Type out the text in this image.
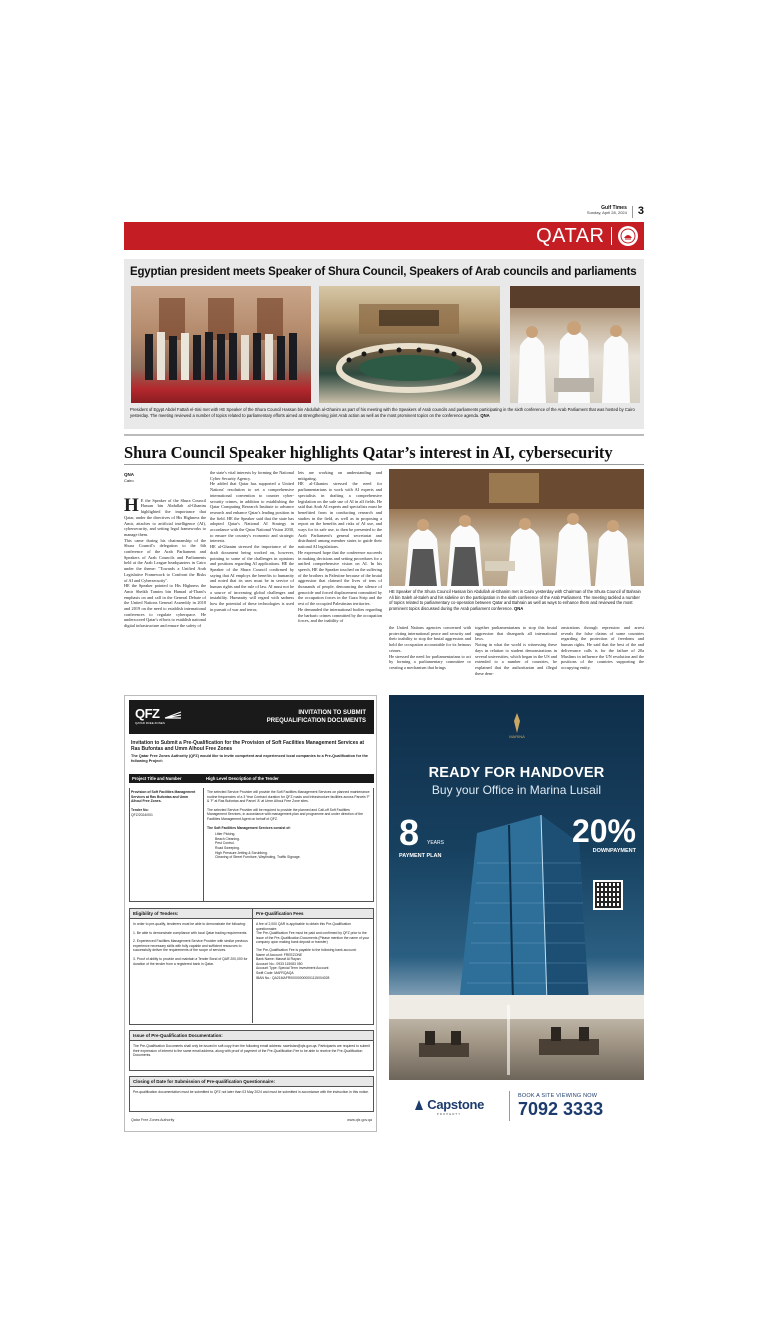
Gulf Times
Sunday, April 28, 2024 3
QATAR
Egyptian president meets Speaker of Shura Council, Speakers of Arab councils and parliaments
President of Egypt Abdel Fattah el-Sisi met with HE Speaker of the Shura Council Hassan bin Abdullah al-Ghanim as part of his meeting with the Speakers of Arab councils and parliaments participating in the sixth conference of the Arab Parliament that was hosted by Cairo yesterday. The meeting reviewed a number of topics related to parliamentary efforts aimed at strengthening joint Arab action as well as the most prominent topics on the conference agenda. QNA
Shura Council Speaker highlights Qatar’s interest in AI, cybersecurity
QNA
Cairo

H E the Speaker of the Shura Council Hassan bin Abdullah al-Ghanim highlighted the importance that Qatar, under the directives of His Highness the Amir, attaches to artificial intelligence (AI), cybersecurity, and setting legal frameworks to manage them.
This came during his chairmanship of the Shura Council's delegation to the 6th conference of the Arab Parliament and Speakers of Arab Councils and Parliaments held at the Arab League headquarters in Cairo under the theme: "Towards a Unified Arab Legislative Framework to Confront the Risks of AI and Cybersecurity".
HE the Speaker pointed to His Highness the Amir Sheikh Tamim bin Hamad al-Thani's emphasis on and call in the General Debate of the United Nations General Assembly in 2018 and 2019 on the need to establish international conferences to regulate cyberspace. He underscored Qatar's efforts to establish national digital infrastructure and ensure the safety of

the state's vital interests by forming the National Cyber Security Agency.
He added that Qatar has supported a United Nations' resolution to set a comprehensive international convention to counter cyber-security crimes, in addition to establishing the Qatar Computing Research Institute to advance research and enhance Qatar's leading position in the field. HE the Speaker said that the state has adopted Qatar's National AI Strategy in accordance with the Qatar National Vision 2030, to ensure the country's economic and strategic interests.
HE al-Ghanim stressed the importance of the draft document being worked on, however, pointing to some of the challenges in opinions and positions regarding AI applications. HE the Speaker of the Shura Council confirmed by saying that AI employs the benefits to humanity and noted that its uses must be in service of human rights and the rule of law. AI must not be a source of increasing global challenges and instability. Humanity will regard with sadness how the potential of these technologies is used in pursuit of war and terror,
lets are working on understanding and mitigating.
HE al-Ghanim stressed the need for parliamentarians to work with AI experts and specialists in drafting a comprehensive legislation on the safe use of AI in all fields. He said that Arab AI experts and specialists must be benefitted from in conducting research and studies in the field, as well as in proposing a report on the benefits and risks of AI use, and ways for its safe use, to then be presented to the Arab Parliament's general secretariat and distributed among member states to guide their national AI legislations.
He expressed hope that the conference succeeds in making decisions and setting procedures for a unified comprehensive vision on AI. In his speech, HE the Speaker touched on the suffering of the brothers in Palestine because of the brutal aggression that claimed the lives of tens of thousands of people, denouncing the silence of genocide and forced displacement committed by the occupation forces in the Gaza Strip and the rest of the occupied Palestinian territories.
He demanded the international bodies regarding the barbaric crimes committed by the occupation forces, and the inability of
HE Speaker of the Shura Council Hassan bin Abdullah al-Ghanim met in Cairo yesterday with Chairman of the Shura Council of Bahrain Ali bin Saleh al-Saleh and his sideline on the participation in the sixth conference of the Arab Parliament. The meeting tackled a number of topics related to parliamentary co-operation between Qatar and Bahrain as well as ways to enhance them and reviewed the most prominent topics discussed during the Arab parliament conference. QNA
the United Nations agencies concerned with protecting international peace and security and their inability to stop the brutal aggression and hold the occupation accountable for its heinous crimes.
He stressed the need for parliamentarians to act by forming a parliamentary committee or creating a mechanism that brings
together parliamentarians to stop this brutal aggression that disregards all international laws.
Noting in what the world is witnessing these days in relation to student demonstrations in several universities, which began in the US and extended to a number of countries, he explained that the authoritarian and illegal these dem-
onstrations through repression and arrest reveals the false claims of some countries regarding the protection of freedoms and human rights. He said that the best of the and deliverance calls is for the failure of 20a Muslims in influence the UN resolution and the positions of the countries supporting the occupying entity.
QFZ
QATAR FREE ZONES
INVITATION TO SUBMIT
PREQUALIFICATION DOCUMENTS
Invitation to Submit a Pre-Qualification for the Provision of Soft Facilities Management Services at Ras Bufontas and Umm Alhoul Free Zones
The Qatar Free Zones Authority (QFZ) would like to invite competent and experienced local companies to a Pre-Qualification for the following Project:
Project Title and Number	High Level Description of the Tender
Provision of Soft Facilities Management Services at Ras Bufontas and Umm Alhoul Free Zones.

Tender No:
QFZ/2024/001
The selected Service Provider will provide the Soft Facilities Management Services on planned maintenance routine frequencies of a 3 Year Contract duration for QFZ roads and Infrastructure facilities across Parcels 'F' & 'F' at Ras Bufontas and Parcel 'A' at Umm Alhoul Free Zone sites.
The selected Service Provider will be required to provide the planned and Call-off Soft Facilities Management Services, in accordance with management plan and programme and under direction of the Facilities Management Agent on behalf of QFZ.
The Soft Facilities Management Services consist of:
• Litter Picking.
• Beach Cleaning.
• Pest Control.
• Road Sweeping.
• High Pressure Jetting & Scrubbing.
• Cleaning of Street Furniture, Wayfinding, Traffic Signage.
Eligibility of Tenders:	Pre-Qualification Fees
In order to pre-qualify, tenderers must be able to demonstrate the following:
1. Be able to demonstrate compliance with local Qatar trading requirements.
2. Experienced Facilities Management Service Provider with similar previous experience necessary skills with fully capable and sufficient resources to successfully deliver the requirements of the scope of services.
3. Proof of ability to provide and maintain a Tender Bond of QAR 200,000 for duration of the tender from a registered bank in Qatar.
A fee of 2,000 QAR is applicable to obtain this Pre-Qualification questionnaire.
The Pre-Qualification Fee must be paid and confirmed by QFZ prior to the issue of the Pre-Qualification Documents (Please mention the name of your company upon making bank deposit or transfer)
The Pre-Qualification Fee is payable to the following bank account:
Name of Account: FREEZONE
Bank Name: Masraf Al Rayan
Account No.: 0933 115083 050
Account Type: Special Term Investment Account
Swift Code: MAFRQAQA
IBAN No.: QA21MAFR000000000001115004028
Issue of Pre-Qualification Documentation:
The Pre-Qualification Documents shall only be issued in soft copy from the following email address: rawnlstan@qfz.gov.qa. Participants are required to submit their expression of interest to the same email address, along with proof of payment of the Pre-Qualification Fee to be able to receive the Pre-Qualification Documents.
Closing of Date for Submission of Pre-qualification Questionnaire:
Pre-qualification documentation must be submitted to QFZ not later than 03 May 2024 and must be submitted in accordance with the instruction in this notice.
Qatar Free Zones Authority	www.qfz.gov.qa
MARINA
READY FOR HANDOVER
Buy your Office in Marina Lusail
8 YEARS
PAYMENT PLAN
20%
DOWNPAYMENT
Capstone
PROPERTY
BOOK A SITE VIEWING NOW
7092 3333
